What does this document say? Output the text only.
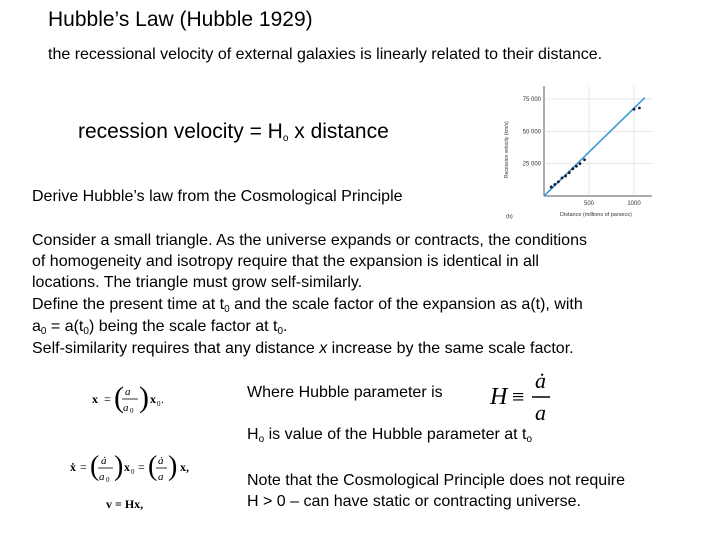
Hubble’s Law (Hubble 1929)
the recessional velocity of external galaxies is linearly related to their distance.
recession velocity = $H_o$ x distance
Derive Hubble’s law from the Cosmological Principle
Consider a small triangle. As the universe expands or contracts, the conditions
of homogeneity and isotropy require that the expansion is identical in all
locations. The triangle must grow self-similarly.
Define the present time at $t_0$ and the scale factor of the expansion as a(t), with
$a_0 = a(t_0)$ being the scale factor at $t_0$.
Self-similarity requires that any distance x increase by the same scale factor.
Where Hubble parameter is
$H_o$ is value of the Hubble parameter at $t_o$
Note that the Cosmological Principle does not require
H > 0 – can have static or contracting universe.
H ≡
ȧ
a
x = ( a
a 0 ) x 0 .
ẋ = ( ȧ
a 0 ) x 0 = ( ȧ
a ) x,
v = Hx,
75 000
50 000
25 000
500	1000
Recession velocity (km/s)
Distance (millions of parsecs)
(b)
